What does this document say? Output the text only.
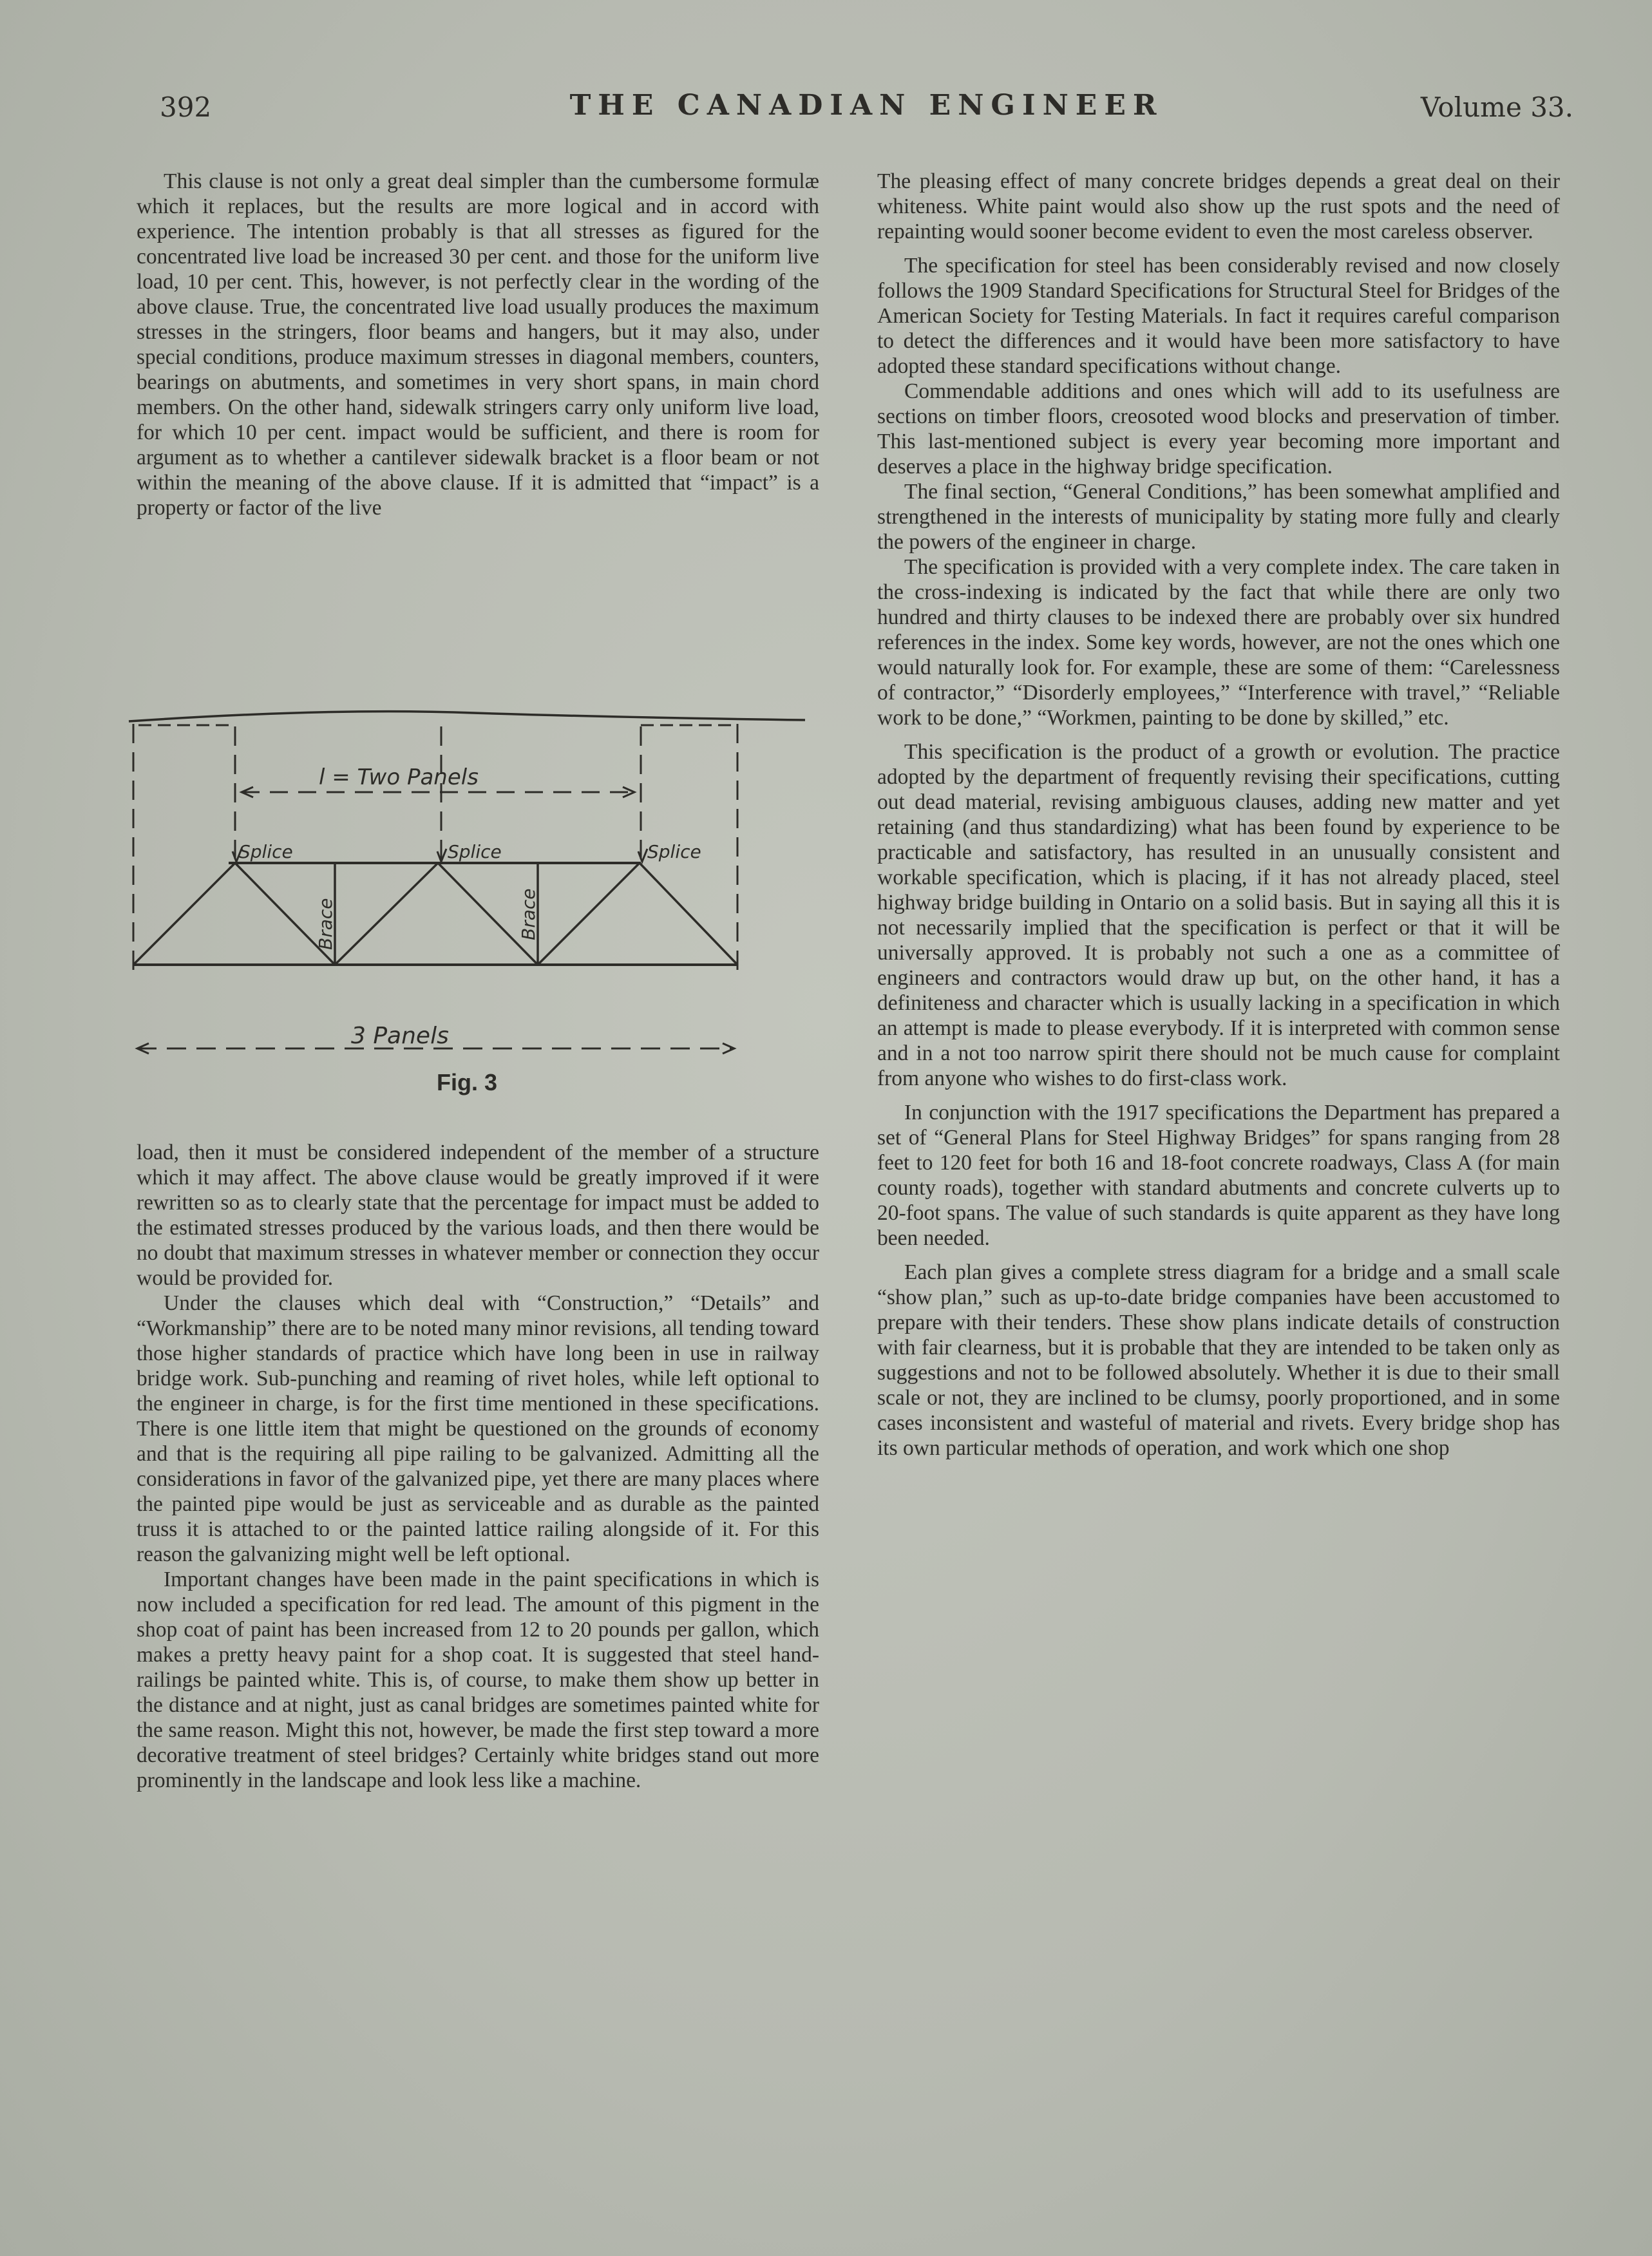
392	THE CANADIAN ENGINEER	Volume 33.

This clause is not only a great deal simpler than the cumbersome formulæ which it replaces, but the results are more logical and in accord with experience. The intention probably is that all stresses as figured for the concentrated live load be increased 30 per cent. and those for the uniform live load, 10 per cent. This, however, is not perfectly clear in the wording of the above clause. True, the concentrated live load usually produces the maximum stresses in the stringers, floor beams and hangers, but it may also, under special conditions, produce maximum stresses in diagonal members, counters, bearings on abutments, and sometimes in very short spans, in main chord members. On the other hand, sidewalk stringers carry only uniform live load, for which 10 per cent. impact would be sufficient, and there is room for argument as to whether a cantilever sidewalk bracket is a floor beam or not within the meaning of the above clause. If it is admitted that “impact” is a property or factor of the live

l = Two Panels
Splice	Splice	Splice
Brace	Brace
3 Panels
Fig. 3

load, then it must be considered independent of the member of a structure which it may affect. The above clause would be greatly improved if it were rewritten so as to clearly state that the percentage for impact must be added to the estimated stresses produced by the various loads, and then there would be no doubt that maximum stresses in whatever member or connection they occur would be provided for.

Under the clauses which deal with “Construction,” “Details” and “Workmanship” there are to be noted many minor revisions, all tending toward those higher standards of practice which have long been in use in railway bridge work. Sub-punching and reaming of rivet holes, while left optional to the engineer in charge, is for the first time mentioned in these specifications. There is one little item that might be questioned on the grounds of economy and that is the requiring all pipe railing to be galvanized. Admitting all the considerations in favor of the galvanized pipe, yet there are many places where the painted pipe would be just as serviceable and as durable as the painted truss it is attached to or the painted lattice railing alongside of it. For this reason the galvanizing might well be left optional.

Important changes have been made in the paint specifications in which is now included a specification for red lead. The amount of this pigment in the shop coat of paint has been increased from 12 to 20 pounds per gallon, which makes a pretty heavy paint for a shop coat. It is suggested that steel hand-railings be painted white. This is, of course, to make them show up better in the distance and at night, just as canal bridges are sometimes painted white for the same reason. Might this not, however, be made the first step toward a more decorative treatment of steel bridges? Certainly white bridges stand out more prominently in the landscape and look less like a machine.

The pleasing effect of many concrete bridges depends a great deal on their whiteness. White paint would also show up the rust spots and the need of repainting would sooner become evident to even the most careless observer.

The specification for steel has been considerably revised and now closely follows the 1909 Standard Specifications for Structural Steel for Bridges of the American Society for Testing Materials. In fact it requires careful comparison to detect the differences and it would have been more satisfactory to have adopted these standard specifications without change.

Commendable additions and ones which will add to its usefulness are sections on timber floors, creosoted wood blocks and preservation of timber. This last-mentioned subject is every year becoming more important and deserves a place in the highway bridge specification.

The final section, “General Conditions,” has been somewhat amplified and strengthened in the interests of municipality by stating more fully and clearly the powers of the engineer in charge.

The specification is provided with a very complete index. The care taken in the cross-indexing is indicated by the fact that while there are only two hundred and thirty clauses to be indexed there are probably over six hundred references in the index. Some key words, however, are not the ones which one would naturally look for. For example, these are some of them: “Carelessness of contractor,” “Disorderly employees,” “Interference with travel,” “Reliable work to be done,” “Workmen, painting to be done by skilled,” etc.

This specification is the product of a growth or evolution. The practice adopted by the department of frequently revising their specifications, cutting out dead material, revising ambiguous clauses, adding new matter and yet retaining (and thus standardizing) what has been found by experience to be practicable and satisfactory, has resulted in an unusually consistent and workable specification, which is placing, if it has not already placed, steel highway bridge building in Ontario on a solid basis. But in saying all this it is not necessarily implied that the specification is perfect or that it will be universally approved. It is probably not such a one as a committee of engineers and contractors would draw up but, on the other hand, it has a definiteness and character which is usually lacking in a specification in which an attempt is made to please everybody. If it is interpreted with common sense and in a not too narrow spirit there should not be much cause for complaint from anyone who wishes to do first-class work.

In conjunction with the 1917 specifications the Department has prepared a set of “General Plans for Steel Highway Bridges” for spans ranging from 28 feet to 120 feet for both 16 and 18-foot concrete roadways, Class A (for main county roads), together with standard abutments and concrete culverts up to 20-foot spans. The value of such standards is quite apparent as they have long been needed.

Each plan gives a complete stress diagram for a bridge and a small scale “show plan,” such as up-to-date bridge companies have been accustomed to prepare with their tenders. These show plans indicate details of construction with fair clearness, but it is probable that they are intended to be taken only as suggestions and not to be followed absolutely. Whether it is due to their small scale or not, they are inclined to be clumsy, poorly proportioned, and in some cases inconsistent and wasteful of material and rivets. Every bridge shop has its own particular methods of operation, and work which one shop
